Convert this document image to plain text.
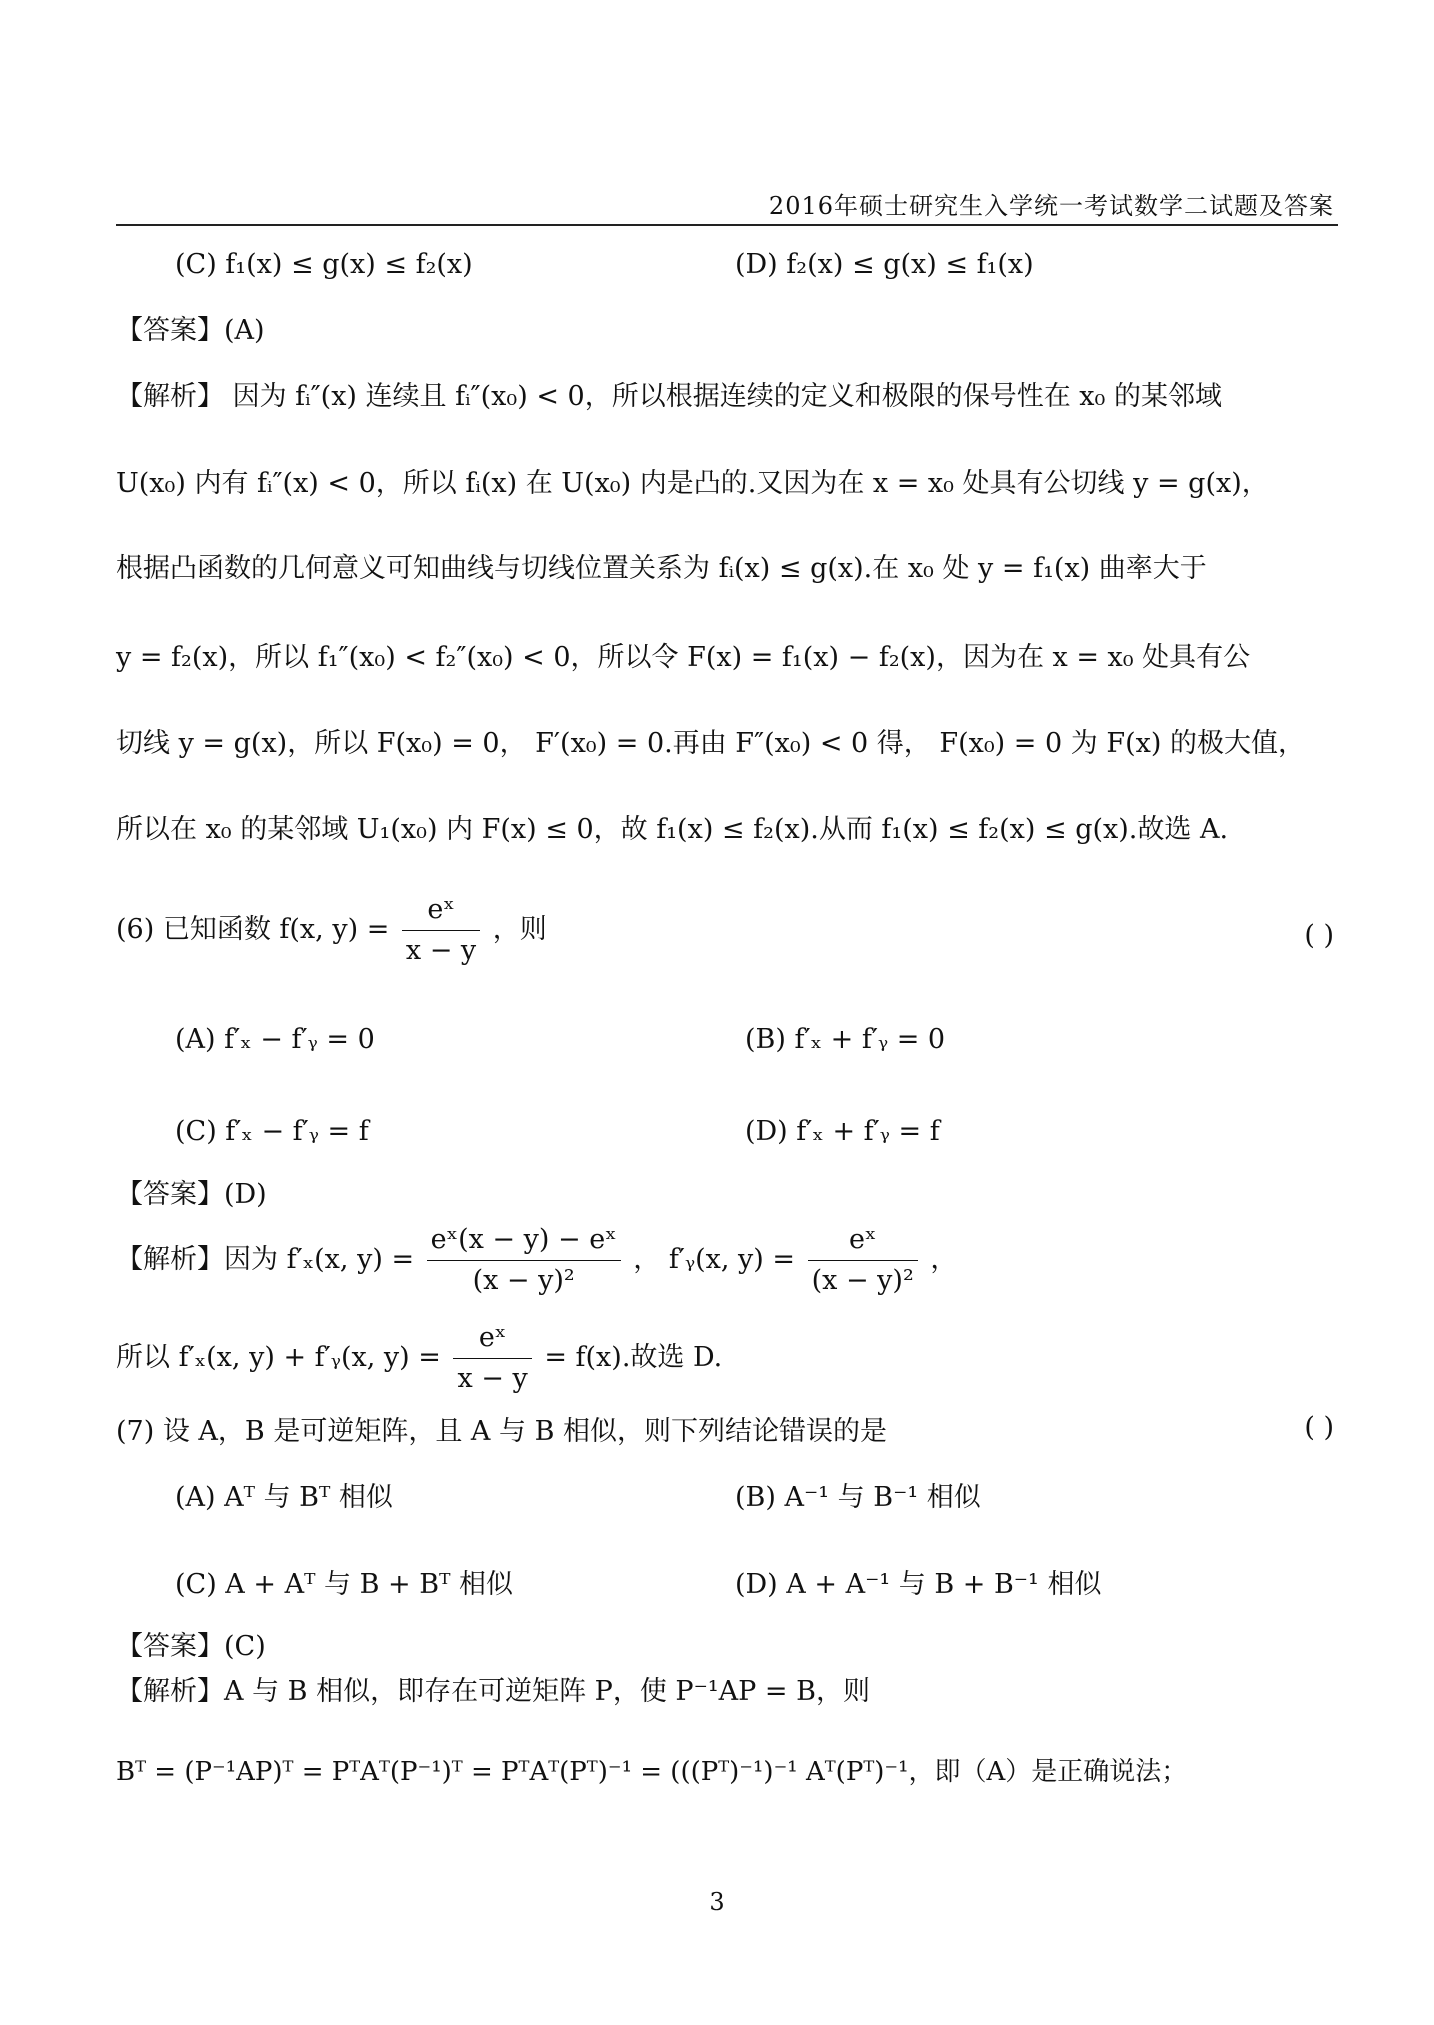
2016年硕士研究生入学统一考试数学二试题及答案
(C) f₁(x) ≤ g(x) ≤ f₂(x)	(D) f₂(x) ≤ g(x) ≤ f₁(x)
【答案】(A)
【解析】 因为 fᵢ″(x) 连续且 fᵢ″(x₀) < 0，所以根据连续的定义和极限的保号性在 x₀ 的某邻域
U(x₀) 内有 fᵢ″(x) < 0，所以 fᵢ(x) 在 U(x₀) 内是凸的.又因为在 x = x₀ 处具有公切线 y = g(x)，
根据凸函数的几何意义可知曲线与切线位置关系为 fᵢ(x) ≤ g(x).在 x₀ 处 y = f₁(x) 曲率大于
y = f₂(x)，所以 f₁″(x₀) < f₂″(x₀) < 0，所以令 F(x) = f₁(x) − f₂(x)，因为在 x = x₀ 处具有公
切线 y = g(x)，所以 F(x₀) = 0， F′(x₀) = 0.再由 F″(x₀) < 0 得， F(x₀) = 0 为 F(x) 的极大值，
所以在 x₀ 的某邻域 U₁(x₀) 内 F(x) ≤ 0，故 f₁(x) ≤ f₂(x).从而 f₁(x) ≤ f₂(x) ≤ g(x).故选 A.
(6) 已知函数 f(x, $y) = \frac{\text{eˣ}}{x - y}$ ，则	( )
(A) f′ₓ − f′ᵧ = 0	(B) f′ₓ + f′ᵧ = 0
(C) f′ₓ − f′ᵧ = f	(D) f′ₓ + f′ᵧ = f
【答案】(D)
【解析】因为 f′ₓ(x, $y) = \frac{\text{eˣ(x − y) − eˣ}}{\text{(x − y)²}}$ ， f′ᵧ(x, $y) = \frac{\text{eˣ}}{\text{(x − y)²}}$ ，
所以 f′ₓ(x, y) + f′ᵧ(x, $y) = \frac{\text{eˣ}}{x - y} = f(x)$.故选 D.
(7) 设 A，B 是可逆矩阵，且 A 与 B 相似，则下列结论错误的是	( )
(A) Aᵀ 与 Bᵀ 相似	(B) A⁻¹ 与 B⁻¹ 相似
(C) A + Aᵀ 与 B + Bᵀ 相似	(D) A + A⁻¹ 与 B + B⁻¹ 相似
【答案】(C)
【解析】A 与 B 相似，即存在可逆矩阵 P，使 P⁻¹AP = B，则
Bᵀ = (P⁻¹AP)ᵀ = PᵀAᵀ(P⁻¹)ᵀ = PᵀAᵀ(Pᵀ)⁻¹ = (((Pᵀ)⁻¹)⁻¹ Aᵀ(Pᵀ)⁻¹，即（A）是正确说法；
3
